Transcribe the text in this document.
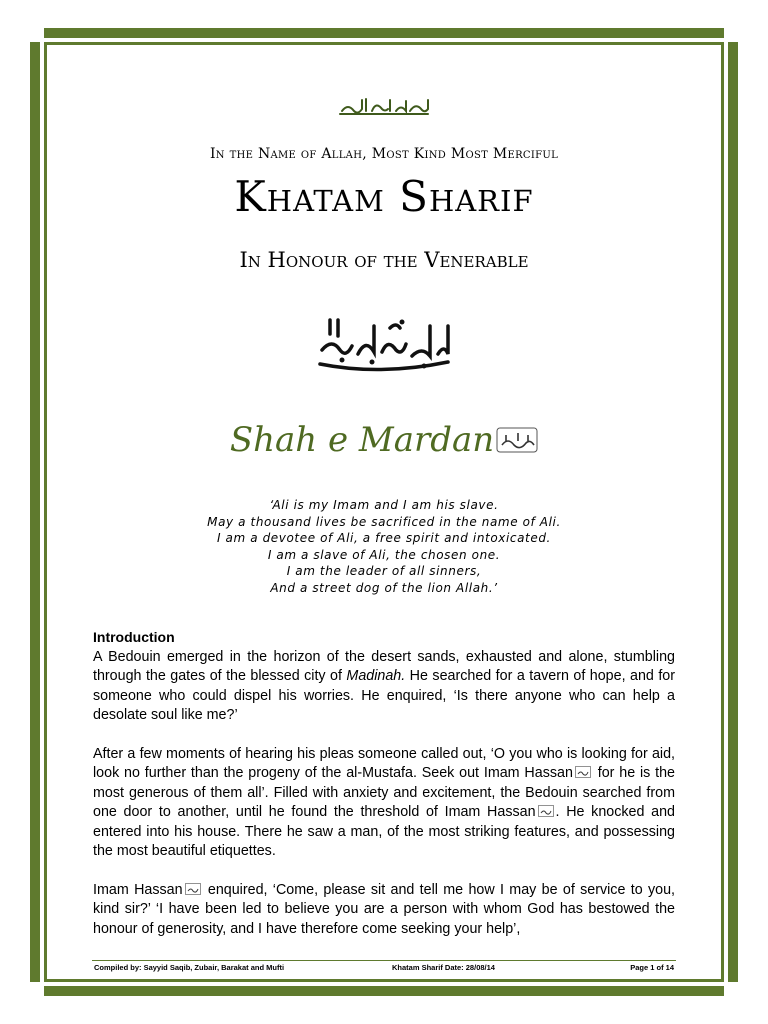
In the Name of Allah, Most Kind Most Merciful
Khatam Sharif
In Honour of the Venerable
Shah e Mardan
‘Ali is my Imam and I am his slave.
May a thousand lives be sacrificed in the name of Ali.
I am a devotee of Ali, a free spirit and intoxicated.
I am a slave of Ali, the chosen one.
I am the leader of all sinners,
And a street dog of the lion Allah.’
Introduction

A Bedouin emerged in the horizon of the desert sands, exhausted and alone, stumbling through the gates of the blessed city of Madinah. He searched for a tavern of hope, and for someone who could dispel his worries. He enquired, ‘Is there anyone who can help a desolate soul like me?’

After a few moments of hearing his pleas someone called out, ‘O you who is looking for aid, look no further than the progeny of the al-Mustafa. Seek out Imam Hassan for he is the most generous of them all’. Filled with anxiety and excitement, the Bedouin searched from one door to another, until he found the threshold of Imam Hassan . He knocked and entered into his house. There he saw a man, of the most striking features, and possessing the most beautiful etiquettes.

Imam Hassan enquired, ‘Come, please sit and tell me how I may be of service to you, kind sir?’ ‘I have been led to believe you are a person with whom God has bestowed the honour of generosity, and I have therefore come seeking your help’,

Compiled by: Sayyid Saqib, Zubair, Barakat and Mufti	Khatam Sharif Date: 28/08/14	Page 1 of 14
